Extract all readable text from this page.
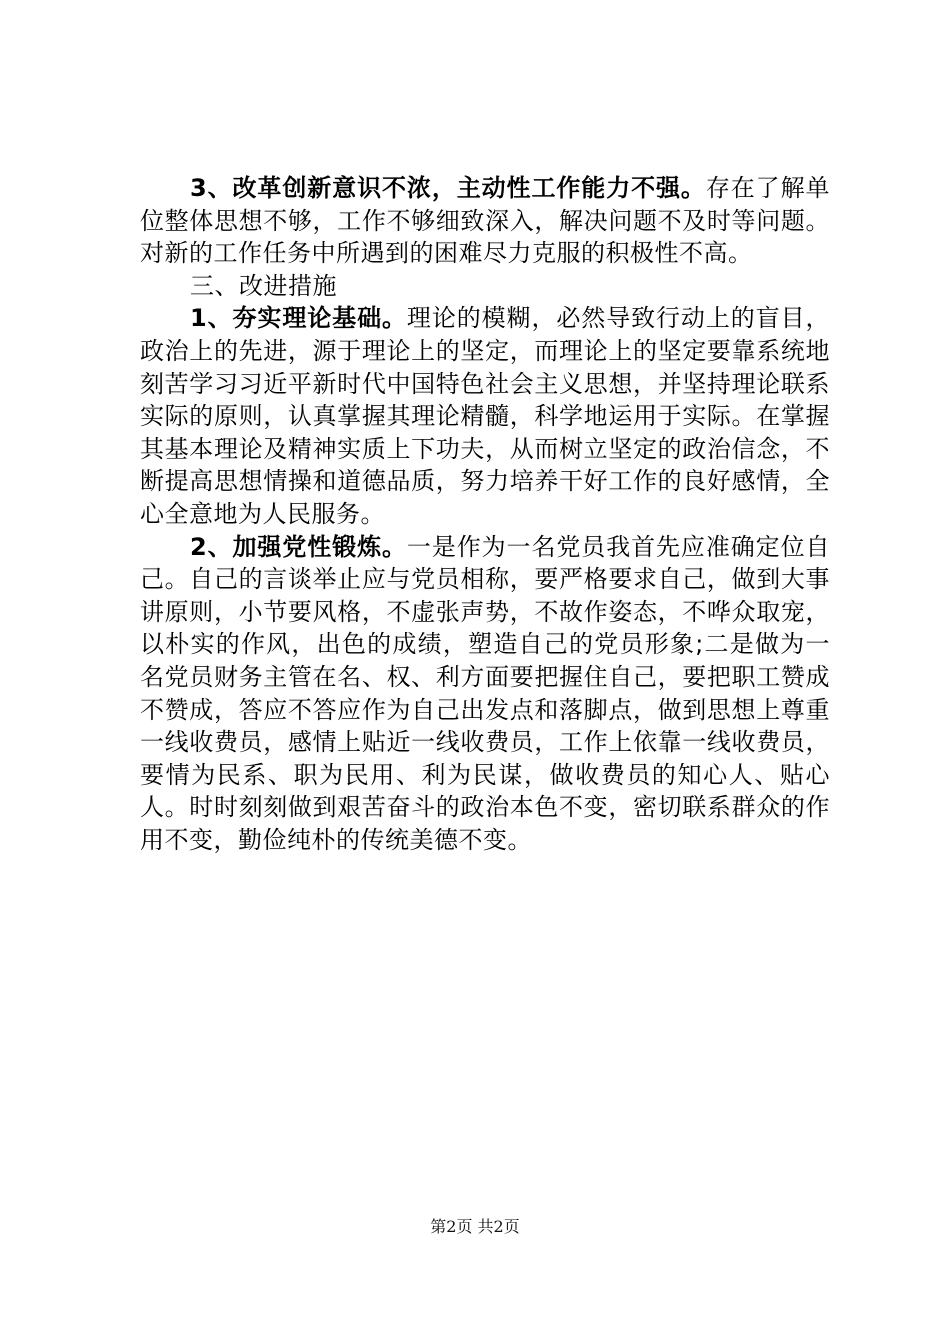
3、改革创新意识不浓，主动性工作能力不强。存在了解单位整体思想不够，工作不够细致深入，解决问题不及时等问题。对新的工作任务中所遇到的困难尽力克服的积极性不高。

三、改进措施

1、夯实理论基础。理论的模糊，必然导致行动上的盲目，政治上的先进，源于理论上的坚定，而理论上的坚定要靠系统地刻苦学习习近平新时代中国特色社会主义思想，并坚持理论联系实际的原则，认真掌握其理论精髓，科学地运用于实际。在掌握其基本理论及精神实质上下功夫，从而树立坚定的政治信念，不断提高思想情操和道德品质，努力培养干好工作的良好感情，全心全意地为人民服务。

2、加强党性锻炼。一是作为一名党员我首先应准确定位自己。自己的言谈举止应与党员相称，要严格要求自己，做到大事讲原则，小节要风格，不虚张声势，不故作姿态，不哗众取宠，以朴实的作风，出色的成绩，塑造自己的党员形象;二是做为一名党员财务主管在名、权、利方面要把握住自己，要把职工赞成不赞成，答应不答应作为自己出发点和落脚点，做到思想上尊重一线收费员，感情上贴近一线收费员，工作上依靠一线收费员，要情为民系、职为民用、利为民谋，做收费员的知心人、贴心人。时时刻刻做到艰苦奋斗的政治本色不变，密切联系群众的作用不变，勤俭纯朴的传统美德不变。

第2页 共2页
